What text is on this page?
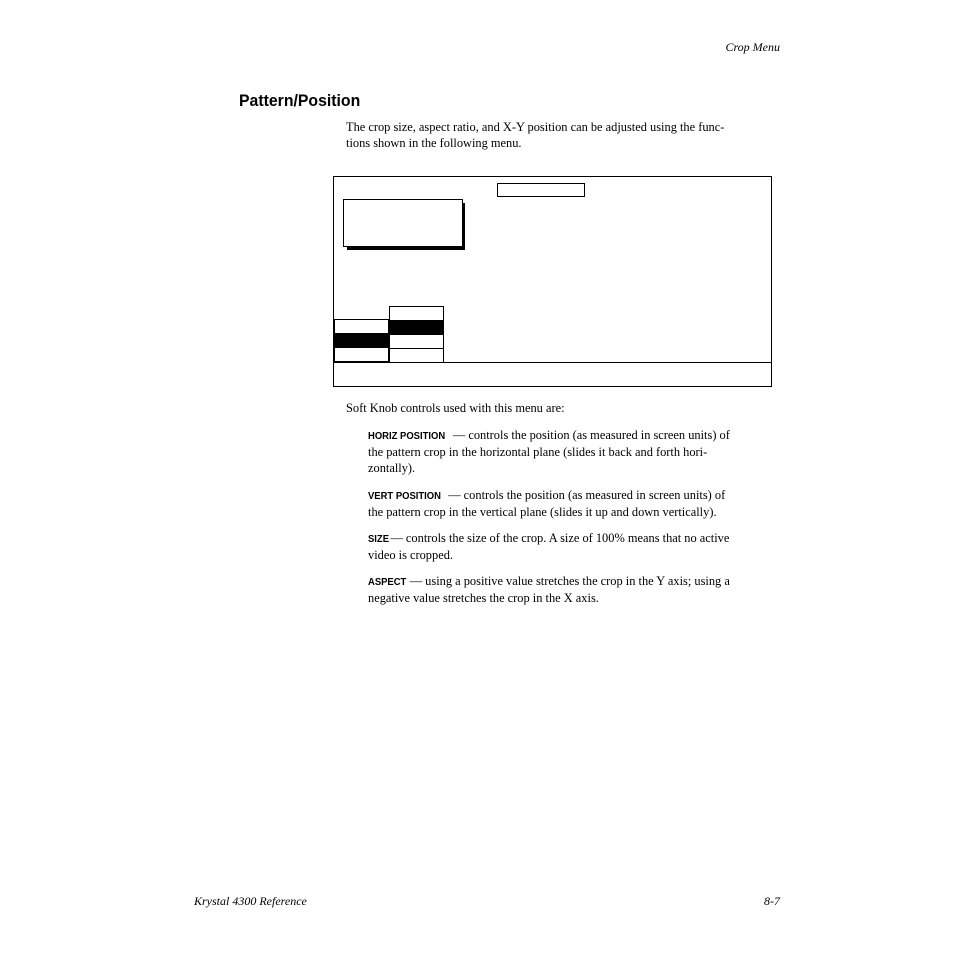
Crop Menu
Pattern/Position

The crop size, aspect ratio, and X-Y position can be adjusted using the func-
tions shown in the following menu.

Soft Knob controls used with this menu are:

HORIZ POSITION — controls the position (as measured in screen units) of
the pattern crop in the horizontal plane (slides it back and forth hori-
zontally).

VERT POSITION — controls the position (as measured in screen units) of
the pattern crop in the vertical plane (slides it up and down vertically).

SIZE — controls the size of the crop. A size of 100% means that no active
video is cropped.

ASPECT — using a positive value stretches the crop in the Y axis; using a
negative value stretches the crop in the X axis.

Krystal 4300 Reference	8-7
